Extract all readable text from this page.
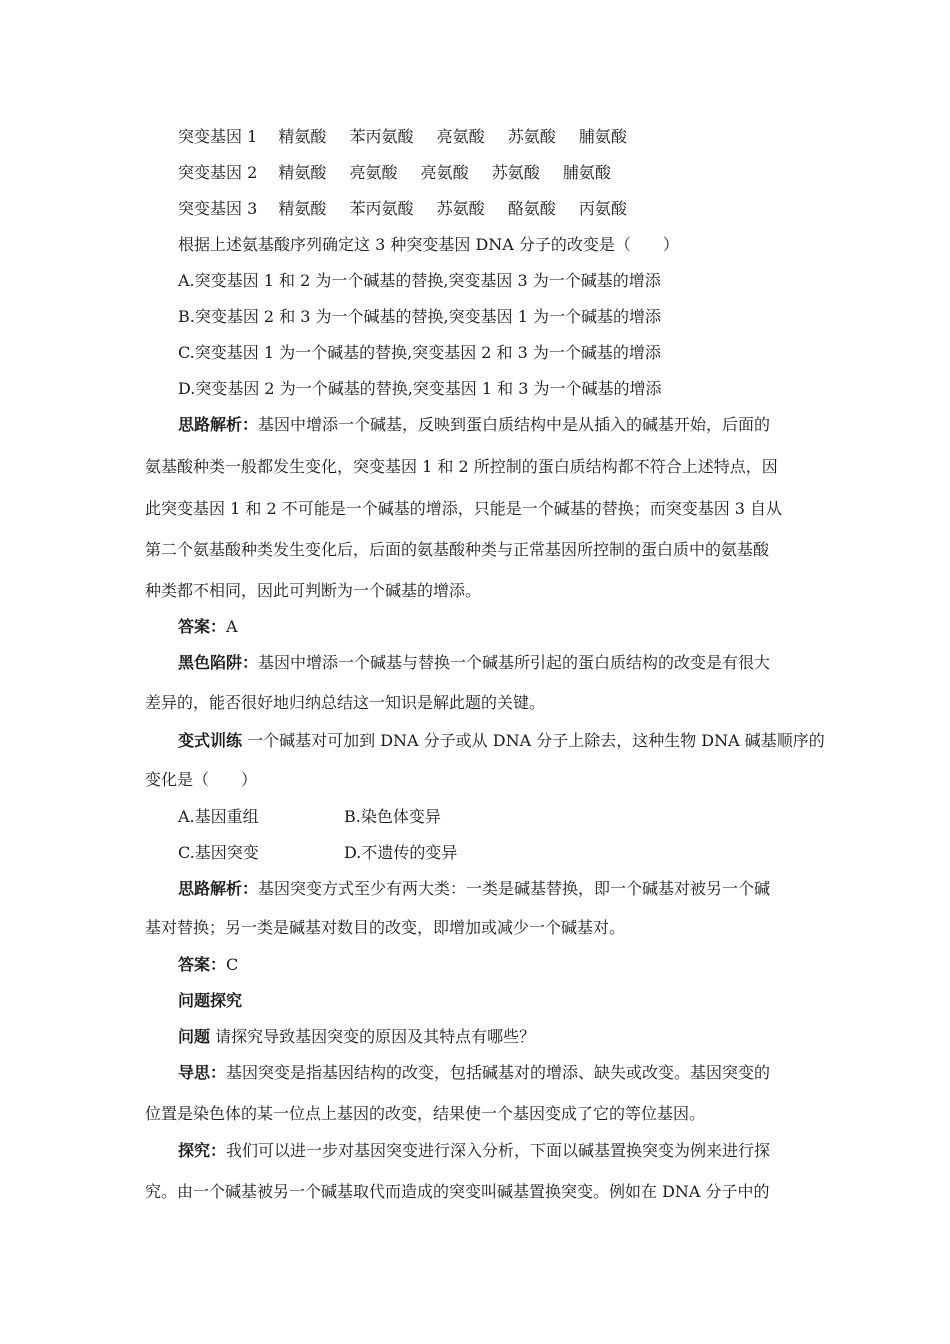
突变基因 1 精氨酸 苯丙氨酸 亮氨酸 苏氨酸 脯氨酸
突变基因 2 精氨酸 亮氨酸 亮氨酸 苏氨酸 脯氨酸
突变基因 3 精氨酸 苯丙氨酸 苏氨酸 酪氨酸 丙氨酸
根据上述氨基酸序列确定这 3 种突变基因 DNA 分子的改变是（　　）
A.突变基因 1 和 2 为一个碱基的替换,突变基因 3 为一个碱基的增添
B.突变基因 2 和 3 为一个碱基的替换,突变基因 1 为一个碱基的增添
C.突变基因 1 为一个碱基的替换,突变基因 2 和 3 为一个碱基的增添
D.突变基因 2 为一个碱基的替换,突变基因 1 和 3 为一个碱基的增添
思路解析：基因中增添一个碱基，反映到蛋白质结构中是从插入的碱基开始，后面的
氨基酸种类一般都发生变化，突变基因 1 和 2 所控制的蛋白质结构都不符合上述特点，因
此突变基因 1 和 2 不可能是一个碱基的增添，只能是一个碱基的替换；而突变基因 3 自从
第二个氨基酸种类发生变化后，后面的氨基酸种类与正常基因所控制的蛋白质中的氨基酸
种类都不相同，因此可判断为一个碱基的增添。
答案：A
黑色陷阱：基因中增添一个碱基与替换一个碱基所引起的蛋白质结构的改变是有很大
差异的，能否很好地归纳总结这一知识是解此题的关键。
变式训练 一个碱基对可加到 DNA 分子或从 DNA 分子上除去，这种生物 DNA 碱基顺序的
变化是（　　）
A.基因重组	B.染色体变异
C.基因突变	D.不遗传的变异
思路解析：基因突变方式至少有两大类：一类是碱基替换，即一个碱基对被另一个碱
基对替换；另一类是碱基对数目的改变，即增加或减少一个碱基对。
答案：C
问题探究
问题 请探究导致基因突变的原因及其特点有哪些？
导思：基因突变是指基因结构的改变，包括碱基对的增添、缺失或改变。基因突变的
位置是染色体的某一位点上基因的改变，结果使一个基因变成了它的等位基因。
探究：我们可以进一步对基因突变进行深入分析，下面以碱基置换突变为例来进行探
究。由一个碱基被另一个碱基取代而造成的突变叫碱基置换突变。例如在 DNA 分子中的
